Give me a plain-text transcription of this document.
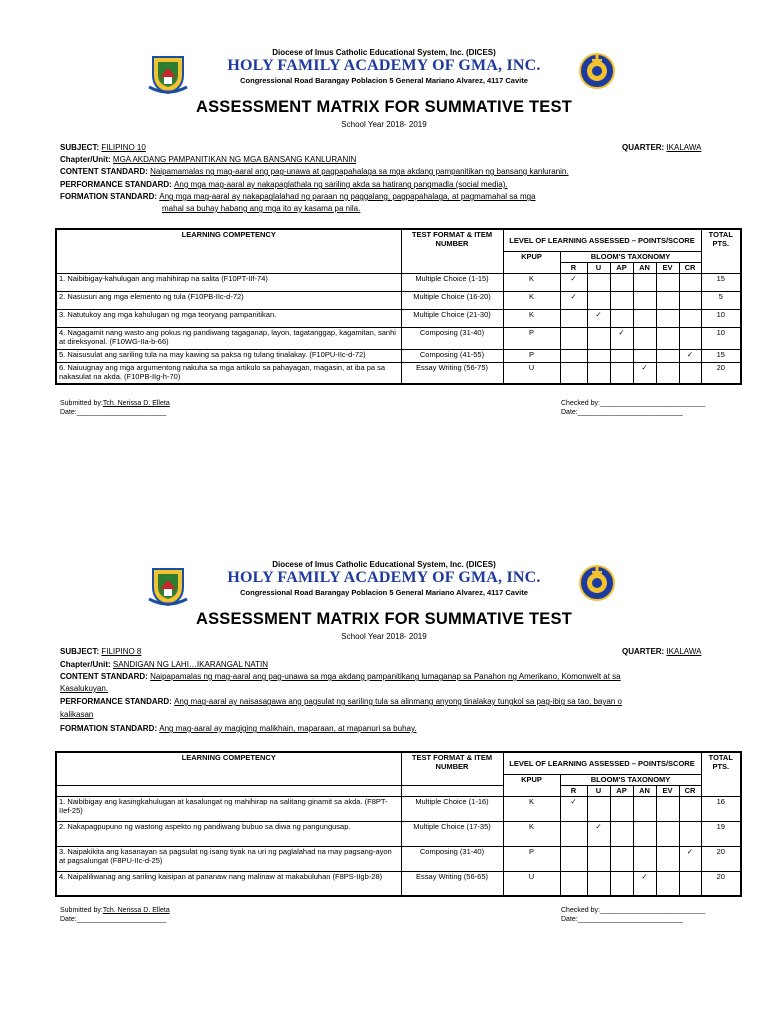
Diocese of Imus Catholic Educational System, Inc. (DICES)
HOLY FAMILY ACADEMY OF GMA, INC.
Congressional Road Barangay Poblacion 5 General Mariano Alvarez, 4117 Cavite
ASSESSMENT MATRIX FOR SUMMATIVE TEST
School Year 2018- 2019
SUBJECT: FILIPINO 10	QUARTER: IKALAWA
Chapter/Unit: MGA AKDANG PAMPANITIKAN NG MGA BANSANG KANLURANIN
CONTENT STANDARD: Naipamamalas ng mag-aaral ang pag-unawa at pagpapahalaga sa mga akdang pampanitikan ng bansang kanluranin.
PERFORMANCE STANDARD: Ang mga mag-aaral ay nakapaglathala ng sariling akda sa hatirang pangmadla (social media).
FORMATION STANDARD: Ang mga mag-aaral ay nakapaglalahad ng paraan ng paggalang, pagpapahalaga, at pagmamahal sa mga
mahal sa buhay habang ang mga ito ay kasama pa nila.
LEARNING COMPETENCY	TEST FORMAT & ITEM NUMBER	LEVEL OF LEARNING ASSESSED – POINTS/SCORE							TOTAL PTS.
		KPUP	BLOOM'S TAXONOMY						
			R	U	AP	AN	EV	CR	
1. Naibibigay-kahulugan ang mahihirap na salita (F10PT-IIf-74)	Multiple Choice (1-15)	K	✓						15
2. Nasusuri ang mga elemento ng tula (F10PB-IIc-d-72)	Multiple Choice (16-20)	K	✓						5
3. Natutukoy ang mga kahulugan ng mga teoryang pampanitikan.	Multiple Choice (21-30)	K		✓					10
4. Nagagamit nang wasto ang pokus ng pandiwang tagaganap, layon, tagatanggap, kagamitan, sanhi at direksyonal. (F10WG-IIa-b-66)	Composing (31-40)	P			✓				10
5. Naisusulat ang sariling tula na may kawing sa paksa ng tulang tinalakay. (F10PU-IIc-d-72)	Composing (41-55)	P						✓	15
6. Naiuugnay ang mga argumentong nakuha sa mga artikulo sa pahayagan, magasin, at iba pa sa nakasulat na akda. (F10PB-IIg-h-70)	Essay Writing (56-75)	U				✓			20
Submitted by:Tch. Nerissa D. Elleta
Date:_______________________
Checked by:___________________________
Date:___________________________
Diocese of Imus Catholic Educational System, Inc. (DICES)
HOLY FAMILY ACADEMY OF GMA, INC.
Congressional Road Barangay Poblacion 5 General Mariano Alvarez, 4117 Cavite
ASSESSMENT MATRIX FOR SUMMATIVE TEST
School Year 2018- 2019
SUBJECT: FILIPINO 8	QUARTER: IKALAWA
Chapter/Unit: SANDIGAN NG LAHI…IKARANGAL NATIN
CONTENT STANDARD: Naipapamalas ng mag-aaral ang pag-unawa sa mga akdang pampanitikang lumaganap sa Panahon ng Amerikano, Komonwelt at sa
Kasalukuyan.
PERFORMANCE STANDARD: Ang mag-aaral ay naisasagawa ang pagsulat ng sariling tula sa alinmang anyong tinalakay tungkol sa pag-ibig sa tao, bayan o
kalikasan
FORMATION STANDARD: Ang mag-aaral ay magiging malikhain, maparaan, at mapanuri sa buhay.
LEARNING COMPETENCY	TEST FORMAT & ITEM NUMBER	LEVEL OF LEARNING ASSESSED – POINTS/SCORE							TOTAL PTS.
		KPUP	BLOOM'S TAXONOMY						
			R	U	AP	AN	EV	CR	
1. Naibibigay ang kasingkahulugan at kasalungat ng mahihirap na salitang ginamit sa akda. (F8PT-IIef-25)	Multiple Choice (1-16)	K	✓						16
2. Nakapagpupuno ng wastong aspekto ng pandiwang bubuo sa diwa ng pangungusap.	Multiple Choice (17-35)	K		✓					19
3. Naipakikita ang kasanayan sa pagsulat ng isang tiyak na uri ng paglalahad na may pagsang-ayon at pagsalungat (F8PU-IIc-d-25)	Composing (31-40)	P						✓	20
4. Naipaliliwanag ang sariling kaisipan at pananaw nang malinaw at makabuluhan (F8PS-IIgb-28)	Essay Writing (56-65)	U				✓			20
Submitted by:Tch. Nerissa D. Elleta
Date:_______________________
Checked by:___________________________
Date:___________________________
